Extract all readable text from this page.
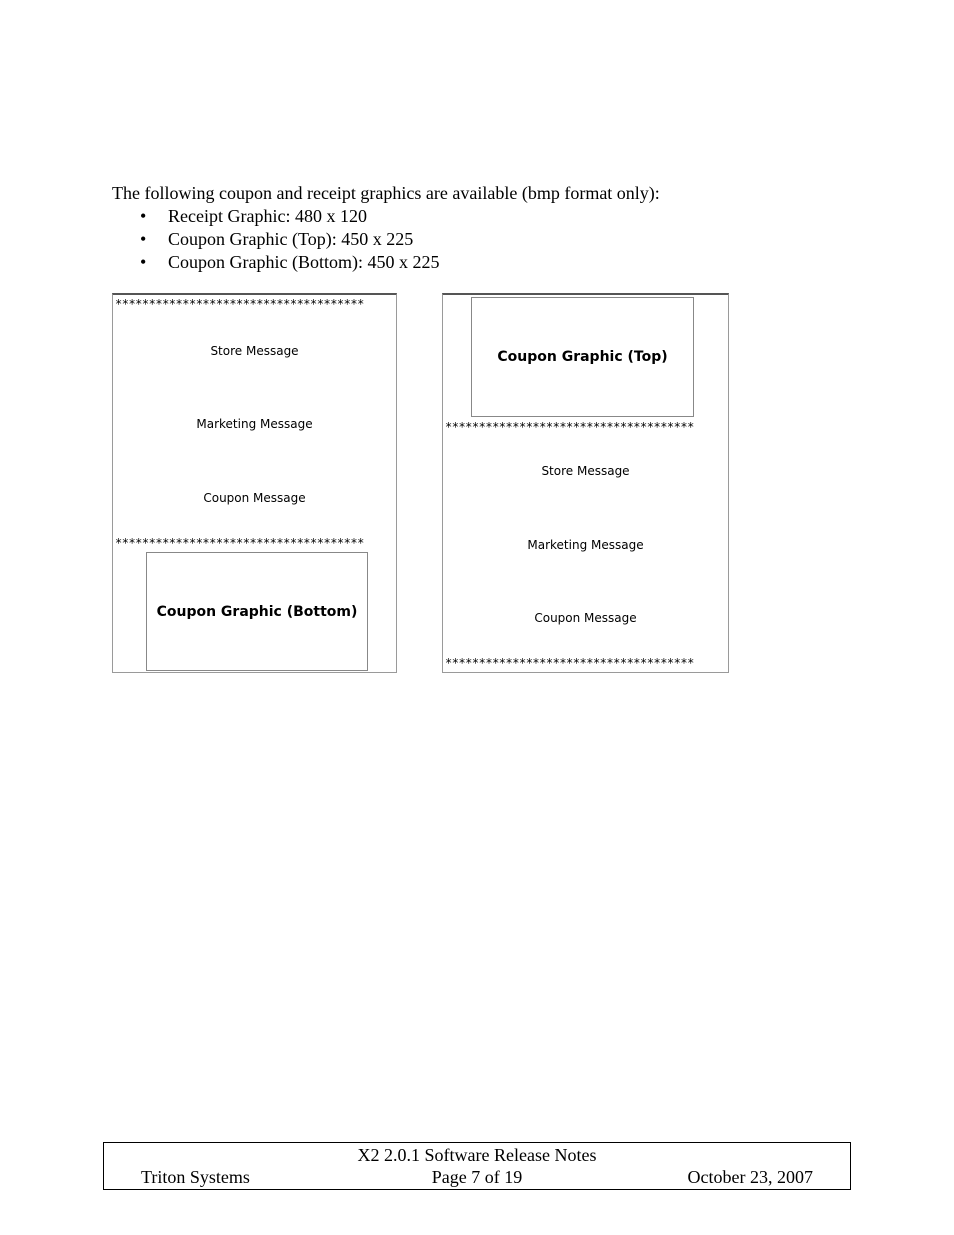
The following coupon and receipt graphics are available (bmp format only):
• Receipt Graphic: 480 x 120
• Coupon Graphic (Top): 450 x 225
• Coupon Graphic (Bottom): 450 x 225
*************************************
Store Message
Marketing Message
Coupon Message
*************************************
Coupon Graphic (Bottom)
Coupon Graphic (Top)
*************************************
Store Message
Marketing Message
Coupon Message
*************************************
X2 2.0.1 Software Release Notes
Triton Systems	Page 7 of 19	October 23, 2007
